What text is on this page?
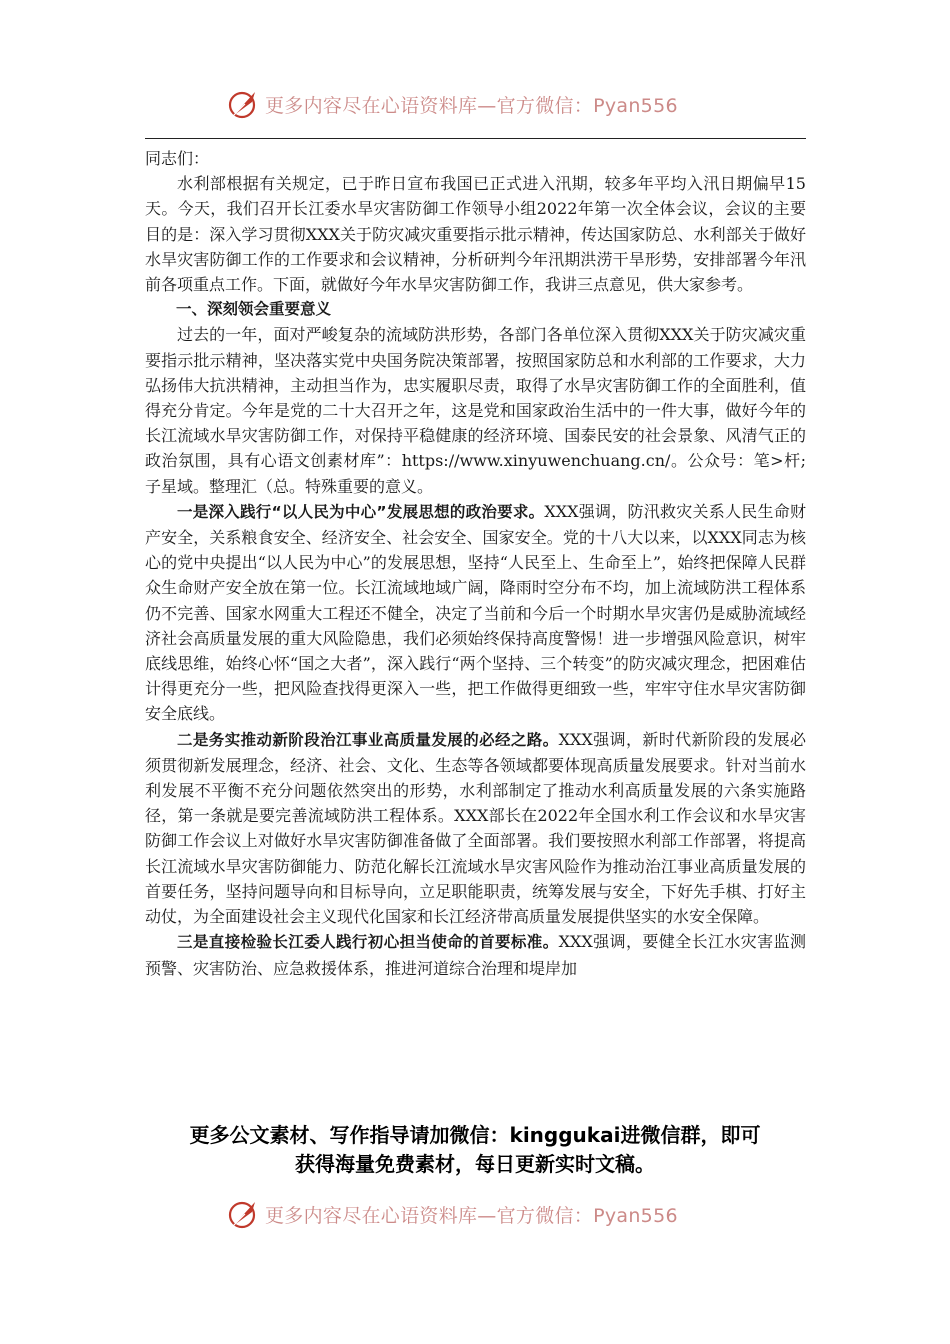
更多内容尽在心语资料库—官方微信：Pyan556

同志们：

水利部根据有关规定，已于昨日宣布我国已正式进入汛期，较多年平均入汛日期偏早15天。今天，我们召开长江委水旱灾害防御工作领导小组2022年第一次全体会议，会议的主要目的是：深入学习贯彻XXX关于防灾减灾重要指示批示精神，传达国家防总、水利部关于做好水旱灾害防御工作的工作要求和会议精神，分析研判今年汛期洪涝干旱形势，安排部署今年汛前各项重点工作。下面，就做好今年水旱灾害防御工作，我讲三点意见，供大家参考。

一、深刻领会重要意义

过去的一年，面对严峻复杂的流域防洪形势，各部门各单位深入贯彻XXX关于防灾减灾重要指示批示精神，坚决落实党中央国务院决策部署，按照国家防总和水利部的工作要求，大力弘扬伟大抗洪精神，主动担当作为，忠实履职尽责，取得了水旱灾害防御工作的全面胜利，值得充分肯定。今年是党的二十大召开之年，这是党和国家政治生活中的一件大事，做好今年的长江流域水旱灾害防御工作，对保持平稳健康的经济环境、国泰民安的社会景象、风清气正的政治氛围，具有心语文创素材库”：https://www.xinyuwenchuang.cn/。公众号：笔>杆;子星域。整理汇（总。特殊重要的意义。

一是深入践行“以人民为中心”发展思想的政治要求。XXX强调，防汛救灾关系人民生命财产安全，关系粮食安全、经济安全、社会安全、国家安全。党的十八大以来，以XXX同志为核心的党中央提出“以人民为中心”的发展思想，坚持“人民至上、生命至上”，始终把保障人民群众生命财产安全放在第一位。长江流域地域广阔，降雨时空分布不均，加上流域防洪工程体系仍不完善、国家水网重大工程还不健全，决定了当前和今后一个时期水旱灾害仍是威胁流域经济社会高质量发展的重大风险隐患，我们必须始终保持高度警惕！进一步增强风险意识，树牢底线思维，始终心怀“国之大者”，深入践行“两个坚持、三个转变”的防灾减灾理念，把困难估计得更充分一些，把风险查找得更深入一些，把工作做得更细致一些，牢牢守住水旱灾害防御安全底线。

二是务实推动新阶段治江事业高质量发展的必经之路。XXX强调，新时代新阶段的发展必须贯彻新发展理念，经济、社会、文化、生态等各领域都要体现高质量发展要求。针对当前水利发展不平衡不充分问题依然突出的形势，水利部制定了推动水利高质量发展的六条实施路径，第一条就是要完善流域防洪工程体系。XXX部长在2022年全国水利工作会议和水旱灾害防御工作会议上对做好水旱灾害防御准备做了全面部署。我们要按照水利部工作部署，将提高长江流域水旱灾害防御能力、防范化解长江流域水旱灾害风险作为推动治江事业高质量发展的首要任务，坚持问题导向和目标导向，立足职能职责，统筹发展与安全，下好先手棋、打好主动仗，为全面建设社会主义现代化国家和长江经济带高质量发展提供坚实的水安全保障。

三是直接检验长江委人践行初心担当使命的首要标准。XXX强调，要健全长江水灾害监测预警、灾害防治、应急救援体系，推进河道综合治理和堤岸加

更多公文素材、写作指导请加微信：kinggukai进微信群，即可
获得海量免费素材，每日更新实时文稿。
更多内容尽在心语资料库—官方微信：Pyan556
